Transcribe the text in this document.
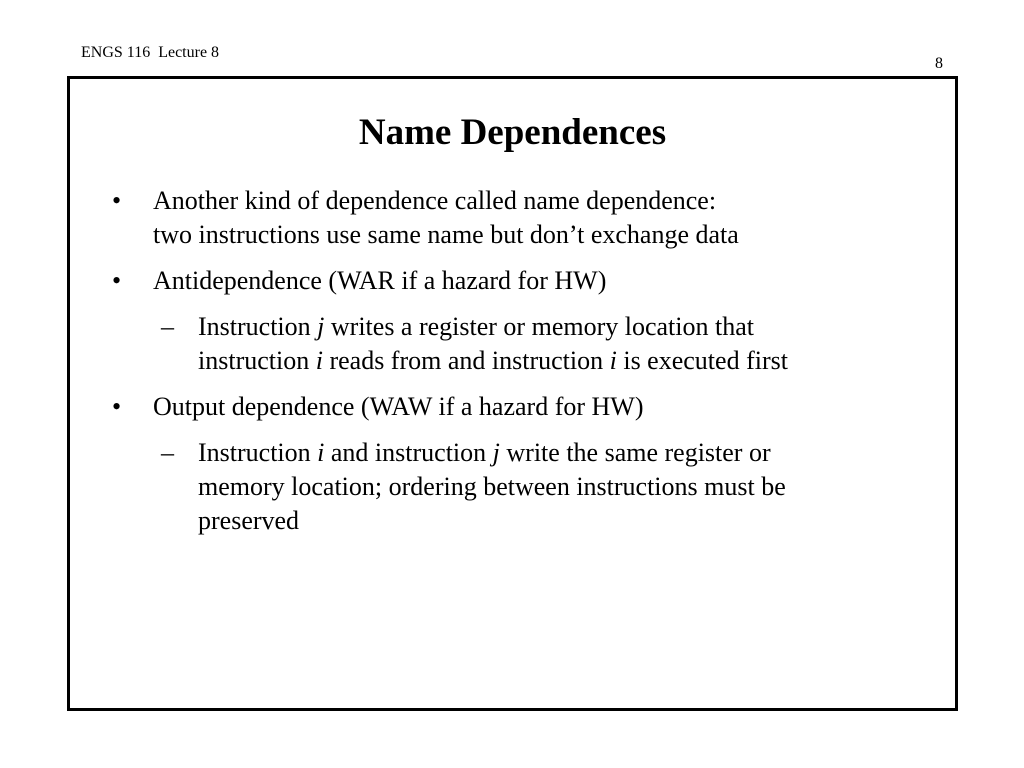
ENGS 116  Lecture 8
8
Name Dependences
• Another kind of dependence called name dependence:
two instructions use same name but don’t exchange data
• Antidependence (WAR if a hazard for HW)
– Instruction j writes a register or memory location that
instruction i reads from and instruction i is executed first
• Output dependence (WAW if a hazard for HW)
– Instruction i and instruction j write the same register or
memory location; ordering between instructions must be
preserved
